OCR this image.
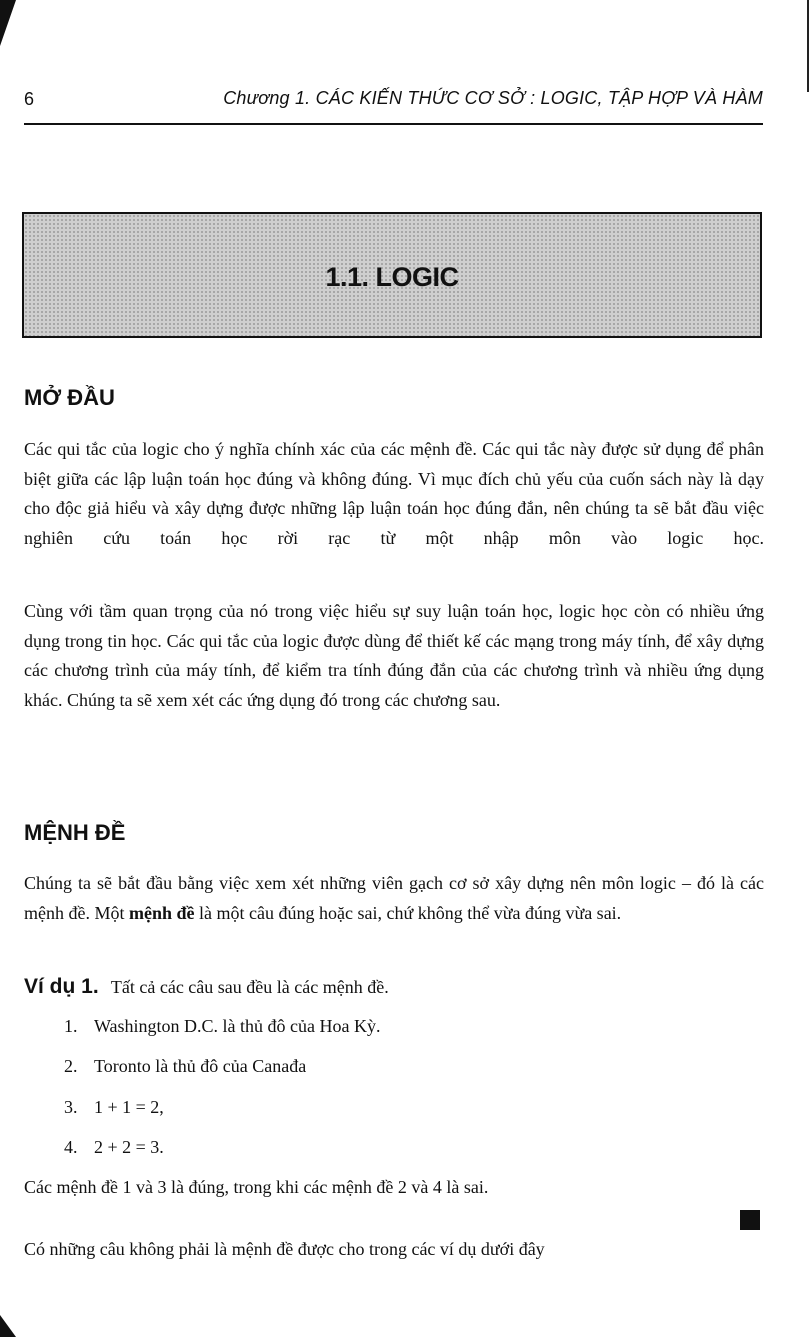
6	Chương 1. CÁC KIẾN THỨC CƠ SỞ : LOGIC, TẬP HỢP VÀ HÀM
1.1. LOGIC
MỞ ĐẦU

Các qui tắc của logic cho ý nghĩa chính xác của các mệnh đề. Các qui tắc này được sử dụng để phân biệt giữa các lập luận toán học đúng và không đúng. Vì mục đích chủ yếu của cuốn sách này là dạy cho độc giả hiểu và xây dựng được những lập luận toán học đúng đắn, nên chúng ta sẽ bắt đầu việc nghiên cứu toán học rời rạc từ một nhập môn vào logic học.

Cùng với tầm quan trọng của nó trong việc hiểu sự suy luận toán học, logic học còn có nhiều ứng dụng trong tin học. Các qui tắc của logic được dùng để thiết kế các mạng trong máy tính, để xây dựng các chương trình của máy tính, để kiểm tra tính đúng đắn của các chương trình và nhiều ứng dụng khác. Chúng ta sẽ xem xét các ứng dụng đó trong các chương sau.

MỆNH ĐỀ

Chúng ta sẽ bắt đầu bằng việc xem xét những viên gạch cơ sở xây dựng nên môn logic – đó là các mệnh đề. Một mệnh đề là một câu đúng hoặc sai, chứ không thể vừa đúng vừa sai.

Ví dụ 1. Tất cả các câu sau đều là các mệnh đề.
1. Washington D.C. là thủ đô của Hoa Kỳ.
2. Toronto là thủ đô của Canađa
3. 1 + 1 = 2,
4. 2 + 2 = 3.

Các mệnh đề 1 và 3 là đúng, trong khi các mệnh đề 2 và 4 là sai.

Có những câu không phải là mệnh đề được cho trong các ví dụ dưới đây
